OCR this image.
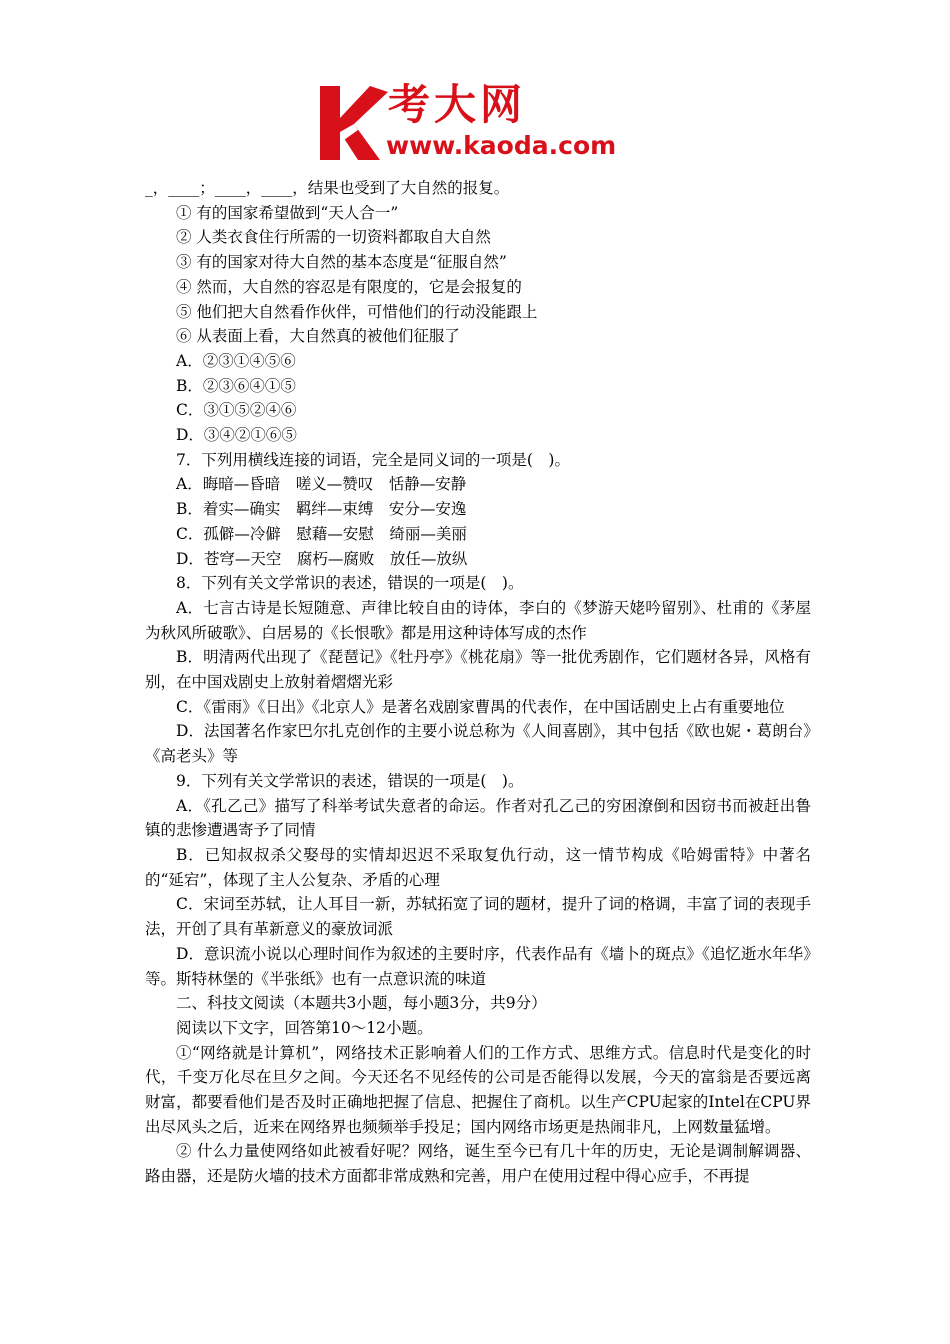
考大网
www.kaoda.com

_，____；____，____，结果也受到了大自然的报复。

① 有的国家希望做到“天人合一”

② 人类衣食住行所需的一切资料都取自大自然

③ 有的国家对待大自然的基本态度是“征服自然”

④ 然而，大自然的容忍是有限度的，它是会报复的

⑤ 他们把大自然看作伙伴，可惜他们的行动没能跟上

⑥ 从表面上看，大自然真的被他们征服了

A．②③①④⑤⑥

B．②③⑥④①⑤

C．③①⑤②④⑥

D．③④②①⑥⑤

7．下列用横线连接的词语，完全是同义词的一项是(　)。

A．晦暗—昏暗　嗟义—赞叹　恬静—安静

B．着实—确实　羁绊—束缚　安分—安逸

C．孤僻—冷僻　慰藉—安慰　绮丽—美丽

D．苍穹—天空　腐朽—腐败　放任—放纵

8．下列有关文学常识的表述，错误的一项是(　)。

A．七言古诗是长短随意、声律比较自由的诗体，李白的《梦游天姥吟留别》、杜甫的《茅屋为秋风所破歌》、白居易的《长恨歌》都是用这种诗体写成的杰作

B．明清两代出现了《琵琶记》《牡丹亭》《桃花扇》等一批优秀剧作，它们题材各异，风格有别，在中国戏剧史上放射着熠熠光彩

C．《雷雨》《日出》《北京人》是著名戏剧家曹禺的代表作，在中国话剧史上占有重要地位

D．法国著名作家巴尔扎克创作的主要小说总称为《人间喜剧》，其中包括《欧也妮・葛朗台》《高老头》等

9．下列有关文学常识的表述，错误的一项是(　)。

A．《孔乙己》描写了科举考试失意者的命运。作者对孔乙己的穷困潦倒和因窃书而被赶出鲁镇的悲惨遭遇寄予了同情

B．已知叔叔杀父娶母的实情却迟迟不采取复仇行动，这一情节构成《哈姆雷特》中著名的“延宕”，体现了主人公复杂、矛盾的心理

C．宋词至苏轼，让人耳目一新，苏轼拓宽了词的题材，提升了词的格调，丰富了词的表现手法，开创了具有革新意义的豪放词派

D．意识流小说以心理时间作为叙述的主要时序，代表作品有《墙卜的斑点》《追忆逝水年华》等。斯特林堡的《半张纸》也有一点意识流的味道

二、科技文阅读（本题共3小题，每小题3分，共9分）

阅读以下文字，回答第10～12小题。

①“网络就是计算机”，网络技术正影响着人们的工作方式、思维方式。信息时代是变化的时代，千变万化尽在旦夕之间。今天还名不见经传的公司是否能得以发展，今天的富翁是否要远离财富，都要看他们是否及时正确地把握了信息、把握住了商机。以生产CPU起家的Intel在CPU界出尽风头之后，近来在网络界也频频举手投足；国内网络市场更是热闹非凡，上网数量猛增。

② 什么力量使网络如此被看好呢？网络，诞生至今已有几十年的历史，无论是调制解调器、路由器，还是防火墙的技术方面都非常成熟和完善，用户在使用过程中得心应手，不再提
